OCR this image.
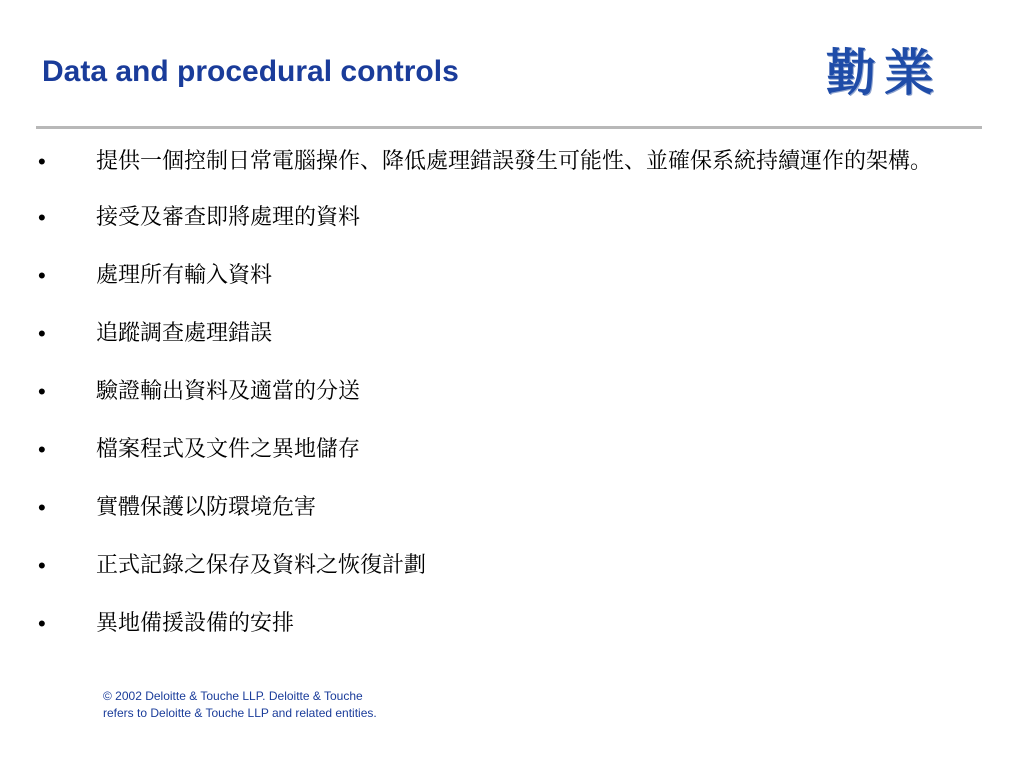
Data and procedural controls	勤 業
•	提供一個控制日常電腦操作、降低處理錯誤發生可能性、並確保系統持續運作的架構。
•	接受及審查即將處理的資料
•	處理所有輸入資料
•	追蹤調查處理錯誤
•	驗證輸出資料及適當的分送
•	檔案程式及文件之異地儲存
•	實體保護以防環境危害
•	正式記錄之保存及資料之恢復計劃
•	異地備援設備的安排
© 2002 Deloitte & Touche LLP. Deloitte & Touche
refers to Deloitte & Touche LLP and related entities.
